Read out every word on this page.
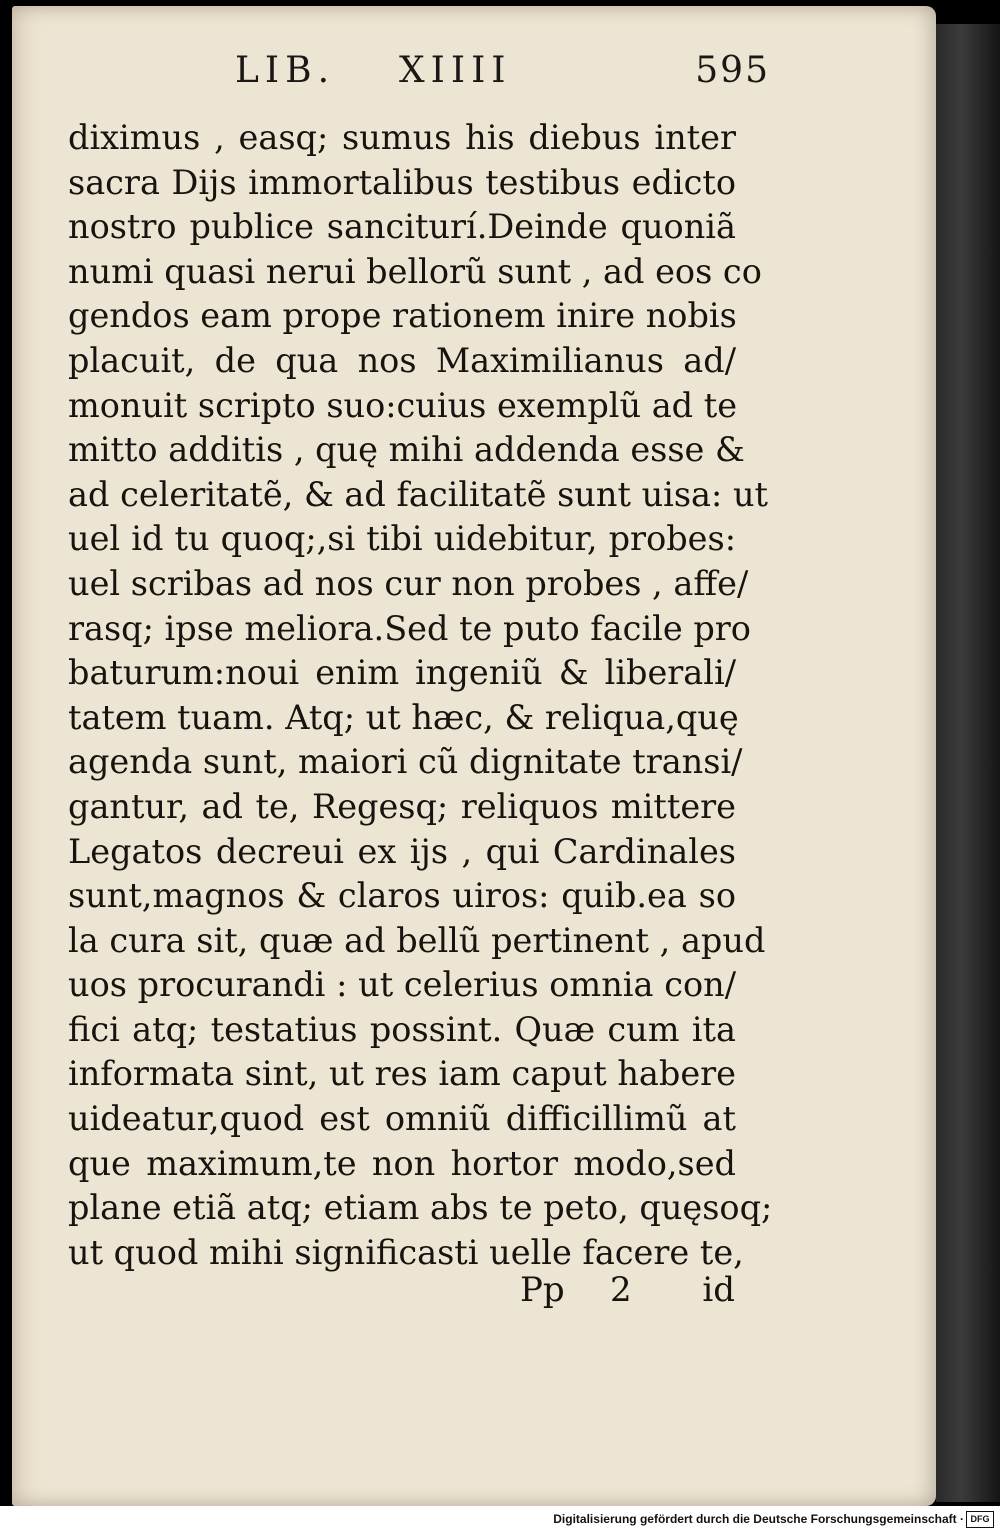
LIB. XIIII	595
diximus , easq; sumus his diebus inter
sacra Dijs immortalibus testibus edicto
nostro publice sanciturí.Deinde quoniã
numi quasi nerui bellorũ sunt , ad eos co
gendos eam prope rationem inire nobis
placuit, de qua nos Maximilianus ad/
monuit scripto suo:cuius exemplũ ad te
mitto additis , quę mihi addenda esse &
ad celeritatẽ, & ad facilitatẽ sunt uisa: ut
uel id tu quoq;,si tibi uidebitur, probes:
uel scribas ad nos cur non probes , affe/
rasq; ipse meliora.Sed te puto facile pro
baturum:noui enim ingeniũ & liberali/
tatem tuam. Atq; ut hæc, & reliqua,quę
agenda sunt, maiori cũ dignitate transi/
gantur, ad te, Regesq; reliquos mittere
Legatos decreui ex ijs , qui Cardinales
sunt,magnos & claros uiros: quib.ea so
la cura sit, quæ ad bellũ pertinent , apud
uos procurandi : ut celerius omnia con/
fici atq; testatius possint. Quæ cum ita
informata sint, ut res iam caput habere
uideatur,quod est omniũ difficillimũ at
que maximum,te non hortor modo,sed
plane etiã atq; etiam abs te peto, quęsoq;
ut quod mihi significasti uelle facere te,
Pp 2 id
Digitalisierung gefördert durch die Deutsche Forschungsgemeinschaft · DFG
